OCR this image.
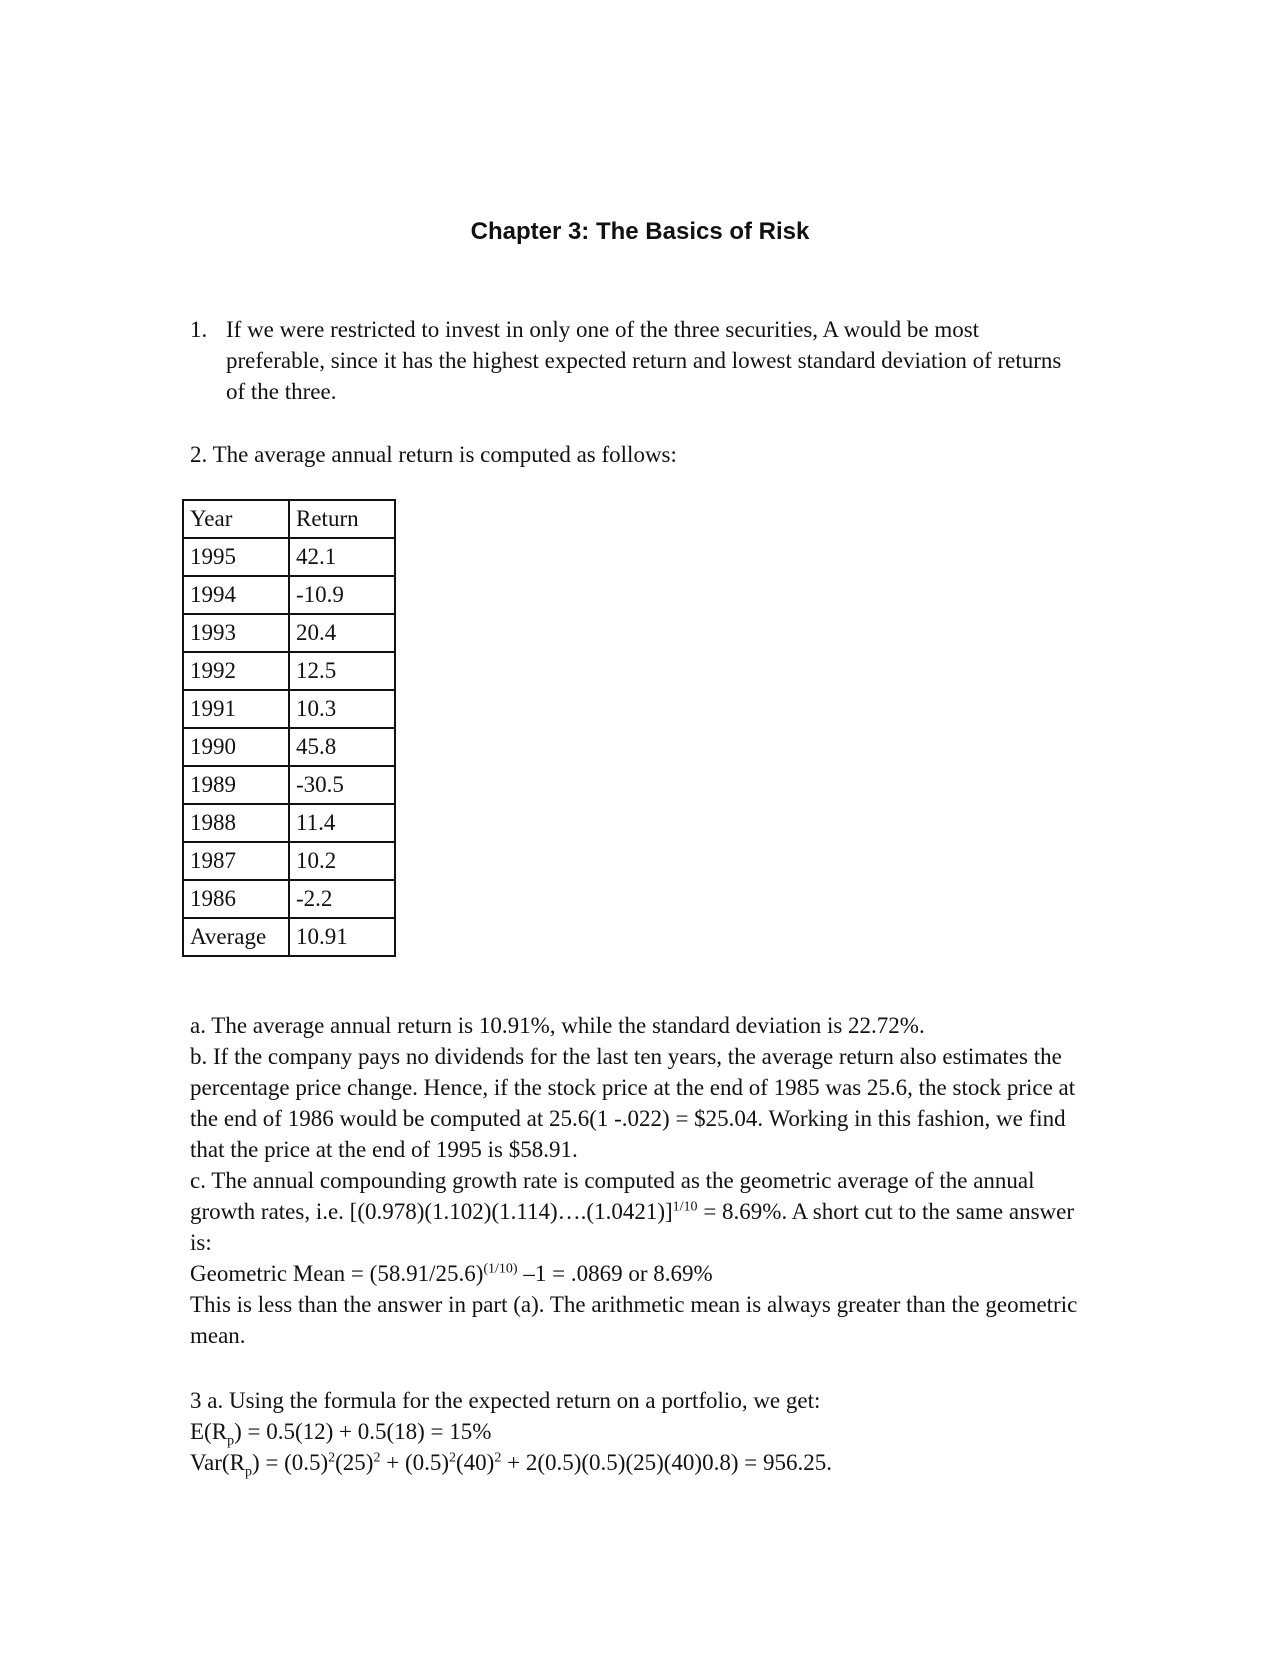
Chapter 3: The Basics of Risk
1. If we were restricted to invest in only one of the three securities, A would be most preferable, since it has the highest expected return and lowest standard deviation of returns of the three.

2. The average annual return is computed as follows:

Year	Return
1995	42.1
1994	-10.9
1993	20.4
1992	12.5
1991	10.3
1990	45.8
1989	-30.5
1988	11.4
1987	10.2
1986	-2.2
Average	10.91

a. The average annual return is 10.91%, while the standard deviation is 22.72%.

b. If the company pays no dividends for the last ten years, the average return also estimates the percentage price change. Hence, if the stock price at the end of 1985 was 25.6, the stock price at the end of 1986 would be computed at 25.6(1 -.022) = $25.04. Working in this fashion, we find that the price at the end of 1995 is $58.91.

c. The annual compounding growth rate is computed as the geometric average of the annual growth rates, i.e. [(0.978)(1.102)(1.114)….(1.0421)]$^{1/10}$ = 8.69%. A short cut to the same answer is:

Geometric Mean = $(58.91/25.6)^{(1/10)}$ –1 = .0869 or 8.69%

This is less than the answer in part (a). The arithmetic mean is always greater than the geometric mean.

3 a. Using the formula for the expected return on a portfolio, we get:

$E(R_p) = 0.5(12) + 0.5(18) = 15\%$

$Var(R_p) = (0.5)^2(25)^2 + (0.5)^2(40)^2 + 2(0.5)(0.5)(25)(40)0.8) = 956.25$.
